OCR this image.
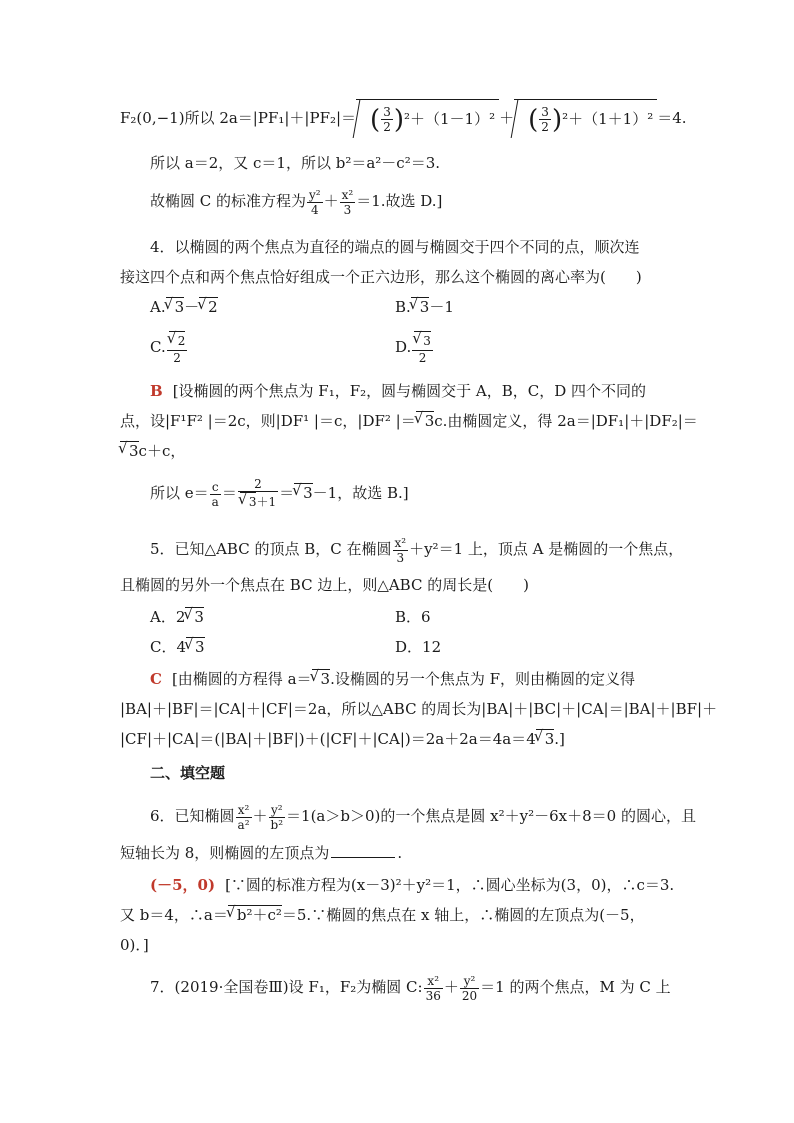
F₂(0,−1)所以 2a＝|PF₁|＋|PF₂|＝ ( $\frac{3}{2} )^2+(1-1)^2$ ＋ ( $\frac{3}{2} )^2+(1+1)^2 =4$.
所以 a＝2，又 c＝1，所以 b²＝a²－c²＝3.
故椭圆 C 的标准方程为 $\frac{\text{y²}}{4} + \frac{\text{x²}}{3} =1$.故选 D.]
4．以椭圆的两个焦点为直径的端点的圆与椭圆交于四个不同的点，顺次连
接这四个点和两个焦点恰好组成一个正六边形，那么这个椭圆的离心率为(　　)
A. √ 3－ √ 2	B. √ 3－1
C. √ $\frac{2}{2}$	D. √ $\frac{3}{2}$
B [设椭圆的两个焦点为 F₁，F₂，圆与椭圆交于 A，B，C，D 四个不同的
点，设|F¹F² |＝2c，则|DF¹ |＝c，|DF² |＝ √ 3c.由椭圆定义，得 2a＝|DF₁|＋|DF₂|＝
√ 3c＋c，
所以 $e= \frac{c}{a} = 2$
√ 3＋1 ＝ √ 3－1，故选 B.]
5．已知△ABC 的顶点 B，C 在椭圆 $\frac{\text{x²}}{3} +y^2=1$ 上，顶点 A 是椭圆的一个焦点，
且椭圆的另外一个焦点在 BC 边上，则△ABC 的周长是(　　)
A．2 √ 3	B．6
C．4 √ 3	D．12
C [由椭圆的方程得 a＝ √ 3.设椭圆的另一个焦点为 F，则由椭圆的定义得
|BA|＋|BF|＝|CA|＋|CF|＝2a，所以△ABC 的周长为|BA|＋|BC|＋|CA|＝|BA|＋|BF|＋
|CF|＋|CA|＝(|BA|＋|BF|)＋(|CF|＋|CA|)＝2a＋2a＝4a＝4 √ 3.]
二、填空题
6．已知椭圆 $\frac{\text{x²}}{\text{a²}} + \frac{\text{y²}}{\text{b²}} =1(a>b>0)$的一个焦点是圆 x²＋y²－6x＋8＝0 的圆心，且
短轴长为 8，则椭圆的左顶点为	.
(－5，0) [∵圆的标准方程为(x－3)²＋y²＝1，∴圆心坐标为(3，0)，∴c＝3.
又 b＝4，∴a＝ √ b²＋c²＝5.∵椭圆的焦点在 x 轴上，∴椭圆的左顶点为(－5，
0)．]
7．(2019·全国卷Ⅲ)设 F₁，F₂为椭圆 C: $\frac{\text{x²}}{36} + \frac{\text{y²}}{20} =1$ 的两个焦点，M 为 C 上
